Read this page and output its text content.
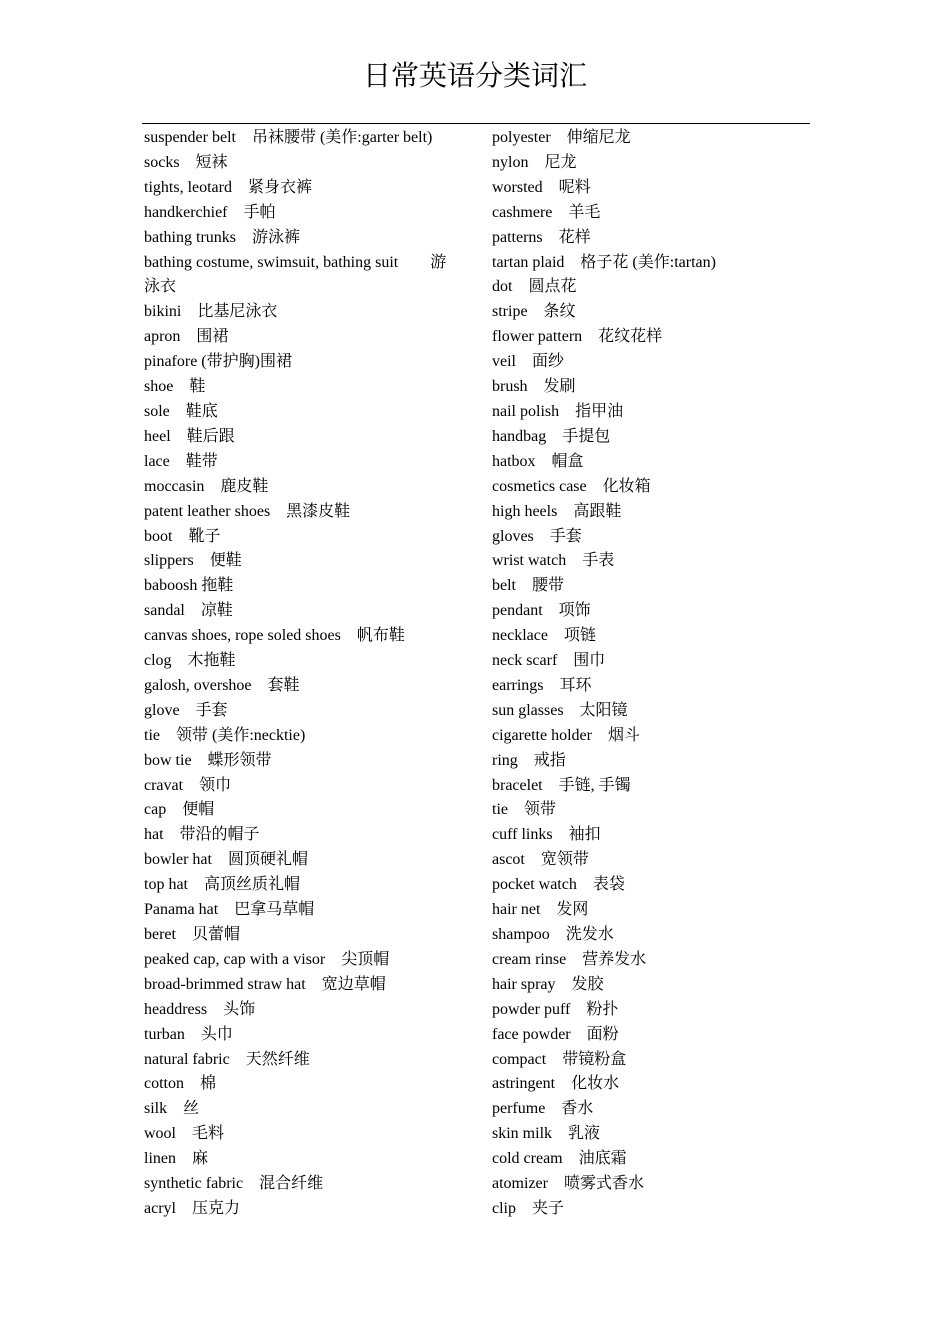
日常英语分类词汇
suspender belt　吊袜腰带 (美作:garter belt)
socks　短袜
tights, leotard　紧身衣裤
handkerchief　手帕
bathing trunks　游泳裤
bathing costume, swimsuit, bathing suit　　游泳衣
bikini　比基尼泳衣
apron　围裙
pinafore (带护胸)围裙
shoe　鞋
sole　鞋底
heel　鞋后跟
lace　鞋带
moccasin　鹿皮鞋
patent leather shoes　黑漆皮鞋
boot　靴子
slippers　便鞋
baboosh 拖鞋
sandal　凉鞋
canvas shoes, rope soled shoes　帆布鞋
clog　木拖鞋
galosh, overshoe　套鞋
glove　手套
tie　领带 (美作:necktie)
bow tie　蝶形领带
cravat　领巾
cap　便帽
hat　带沿的帽子
bowler hat　圆顶硬礼帽
top hat　高顶丝质礼帽
Panama hat　巴拿马草帽
beret　贝蕾帽
peaked cap, cap with a visor　尖顶帽
broad-brimmed straw hat　宽边草帽
headdress　头饰
turban　头巾
natural fabric　天然纤维
cotton　棉
silk　丝
wool　毛料
linen　麻
synthetic fabric　混合纤维
acryl　压克力
polyester　伸缩尼龙
nylon　尼龙
worsted　呢料
cashmere　羊毛
patterns　花样
tartan plaid　格子花 (美作:tartan)
dot　圆点花
stripe　条纹
flower pattern　花纹花样
veil　面纱
brush　发刷
nail polish　指甲油
handbag　手提包
hatbox　帽盒
cosmetics case　化妆箱
high heels　高跟鞋
gloves　手套
wrist watch　手表
belt　腰带
pendant　项饰
necklace　项链
neck scarf　围巾
earrings　耳环
sun glasses　太阳镜
cigarette holder　烟斗
ring　戒指
bracelet　手链, 手镯
tie　领带
cuff links　袖扣
ascot　宽领带
pocket watch　表袋
hair net　发网
shampoo　洗发水
cream rinse　营养发水
hair spray　发胶
powder puff　粉扑
face powder　面粉
compact　带镜粉盒
astringent　化妆水
perfume　香水
skin milk　乳液
cold cream　油底霜
atomizer　喷雾式香水
clip　夹子
